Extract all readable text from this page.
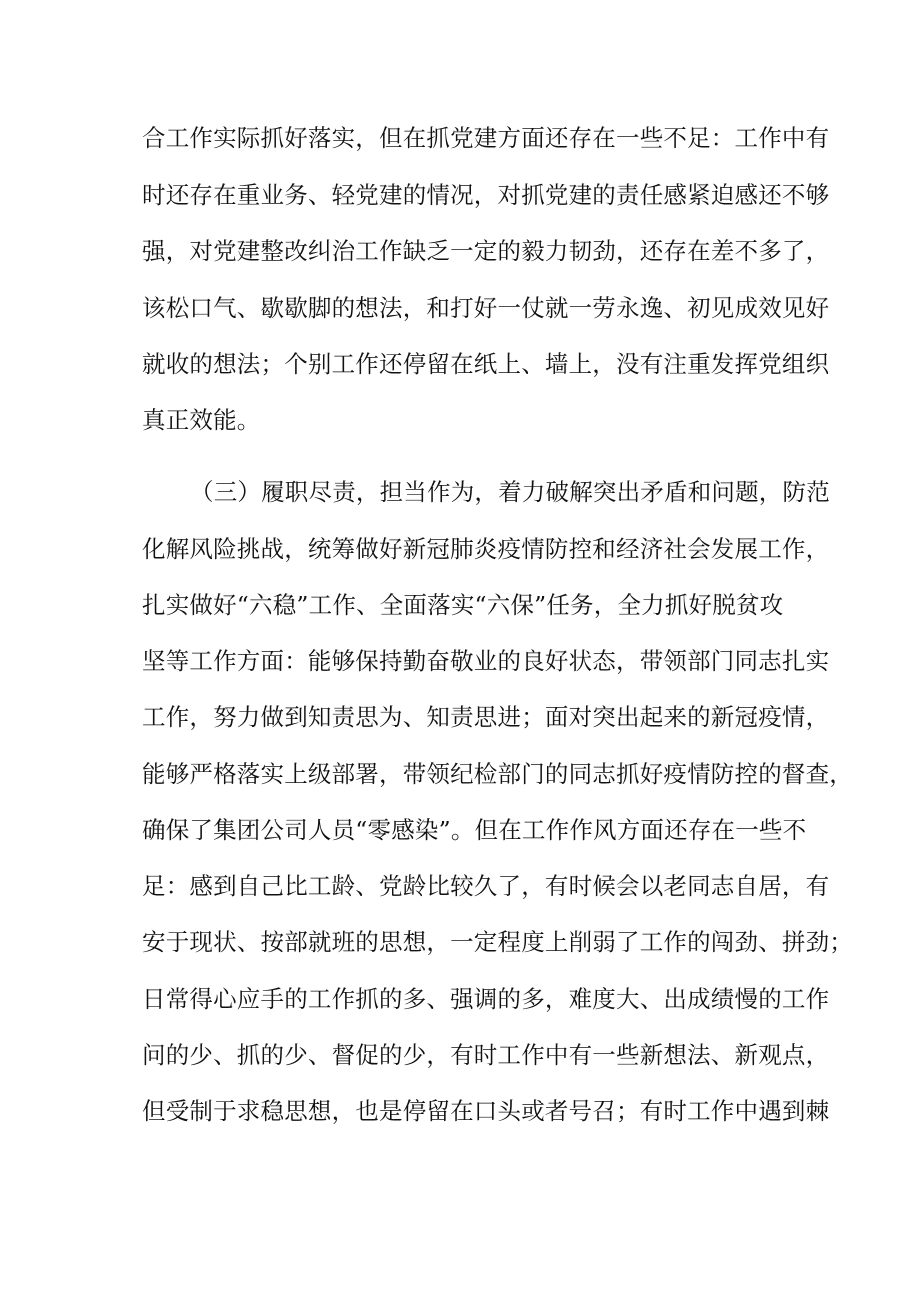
合工作实际抓好落实，但在抓党建方面还存在一些不足：工作中有
时还存在重业务、轻党建的情况，对抓党建的责任感紧迫感还不够
强，对党建整改纠治工作缺乏一定的毅力韧劲，还存在差不多了，
该松口气、歇歇脚的想法，和打好一仗就一劳永逸、初见成效见好
就收的想法；个别工作还停留在纸上、墙上，没有注重发挥党组织
真正效能。
（三）履职尽责，担当作为，着力破解突出矛盾和问题，防范
化解风险挑战，统筹做好新冠肺炎疫情防控和经济社会发展工作，
扎实做好“六稳”工作、全面落实“六保”任务，全力抓好脱贫攻
坚等工作方面：能够保持勤奋敬业的良好状态，带领部门同志扎实
工作，努力做到知责思为、知责思进；面对突出起来的新冠疫情，
能够严格落实上级部署，带领纪检部门的同志抓好疫情防控的督查，
确保了集团公司人员“零感染”。但在工作作风方面还存在一些不
足：感到自己比工龄、党龄比较久了，有时候会以老同志自居，有
安于现状、按部就班的思想，一定程度上削弱了工作的闯劲、拼劲；
日常得心应手的工作抓的多、强调的多，难度大、出成绩慢的工作
问的少、抓的少、督促的少，有时工作中有一些新想法、新观点，
但受制于求稳思想，也是停留在口头或者号召；有时工作中遇到棘
